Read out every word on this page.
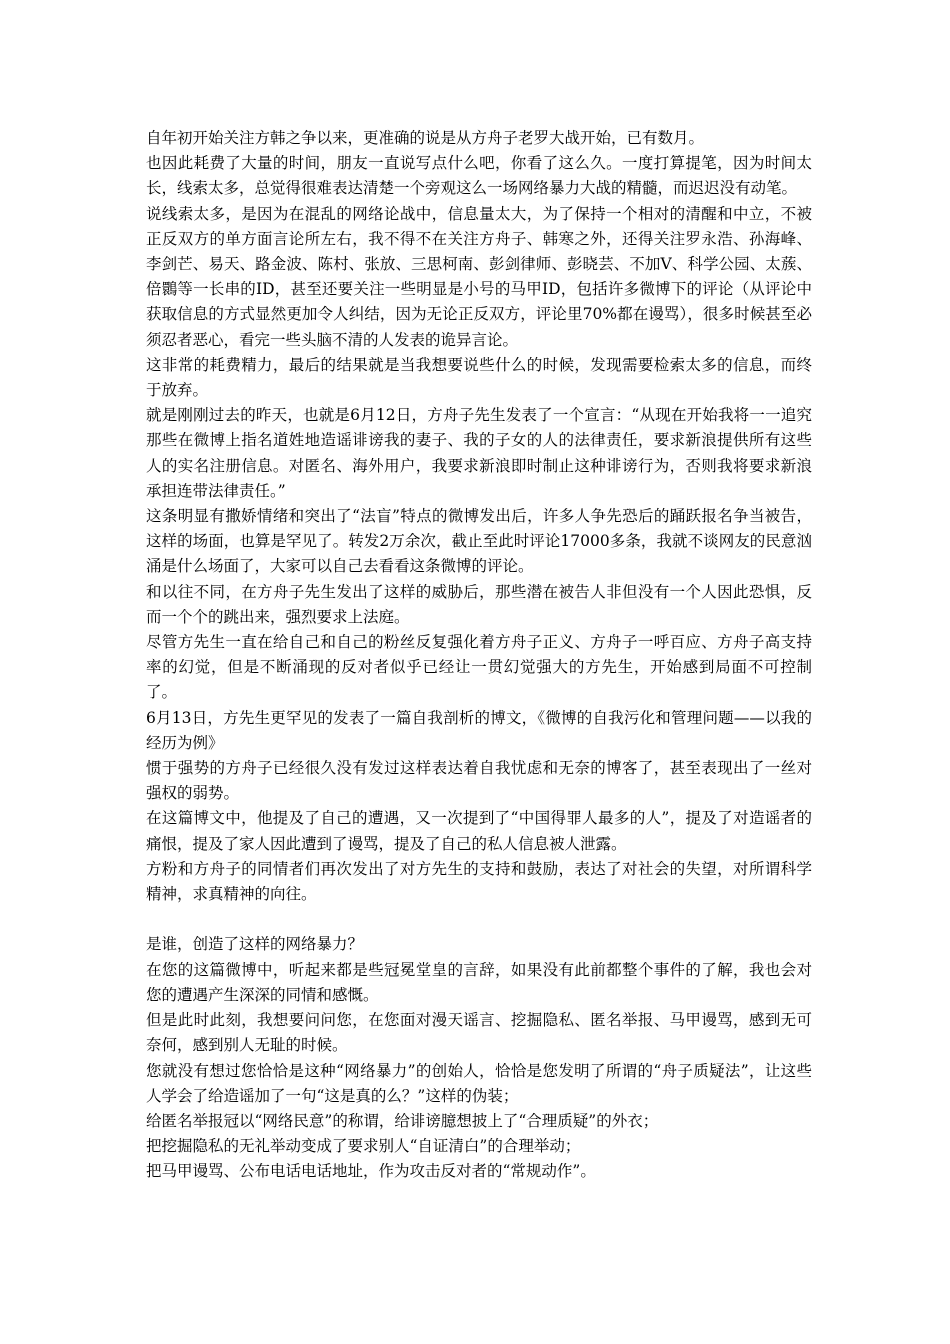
自年初开始关注方韩之争以来，更准确的说是从方舟子老罗大战开始，已有数月。

也因此耗费了大量的时间，朋友一直说写点什么吧，你看了这么久。一度打算提笔，因为时间太长，线索太多，总觉得很难表达清楚一个旁观这么一场网络暴力大战的精髓，而迟迟没有动笔。

说线索太多，是因为在混乱的网络论战中，信息量太大，为了保持一个相对的清醒和中立，不被正反双方的单方面言论所左右，我不得不在关注方舟子、韩寒之外，还得关注罗永浩、孙海峰、李剑芒、易天、路金波、陈村、张放、三思柯南、彭剑律师、彭晓芸、不加V、科学公园、太蔟、倍䴉等一长串的ID，甚至还要关注一些明显是小号的马甲ID，包括许多微博下的评论（从评论中获取信息的方式显然更加令人纠结，因为无论正反双方，评论里70%都在谩骂），很多时候甚至必须忍者恶心，看完一些头脑不清的人发表的诡异言论。

这非常的耗费精力，最后的结果就是当我想要说些什么的时候，发现需要检索太多的信息，而终于放弃。

就是刚刚过去的昨天，也就是6月12日，方舟子先生发表了一个宣言：“从现在开始我将一一追究那些在微博上指名道姓地造谣诽谤我的妻子、我的子女的人的法律责任，要求新浪提供所有这些人的实名注册信息。对匿名、海外用户，我要求新浪即时制止这种诽谤行为，否则我将要求新浪承担连带法律责任。”

这条明显有撒娇情绪和突出了“法盲”特点的微博发出后，许多人争先恐后的踊跃报名争当被告，这样的场面，也算是罕见了。转发2万余次，截止至此时评论17000多条，我就不谈网友的民意汹涌是什么场面了，大家可以自己去看看这条微博的评论。

和以往不同，在方舟子先生发出了这样的威胁后，那些潜在被告人非但没有一个人因此恐惧，反而一个个的跳出来，强烈要求上法庭。

尽管方先生一直在给自己和自己的粉丝反复强化着方舟子正义、方舟子一呼百应、方舟子高支持率的幻觉，但是不断涌现的反对者似乎已经让一贯幻觉强大的方先生，开始感到局面不可控制了。

6月13日，方先生更罕见的发表了一篇自我剖析的博文，《微博的自我污化和管理问题——以我的经历为例》

惯于强势的方舟子已经很久没有发过这样表达着自我忧虑和无奈的博客了，甚至表现出了一丝对强权的弱势。

在这篇博文中，他提及了自己的遭遇，又一次提到了“中国得罪人最多的人”，提及了对造谣者的痛恨，提及了家人因此遭到了谩骂，提及了自己的私人信息被人泄露。

方粉和方舟子的同情者们再次发出了对方先生的支持和鼓励，表达了对社会的失望，对所谓科学精神，求真精神的向往。

是谁，创造了这样的网络暴力？

在您的这篇微博中，听起来都是些冠冕堂皇的言辞，如果没有此前都整个事件的了解，我也会对您的遭遇产生深深的同情和感慨。

但是此时此刻，我想要问问您，在您面对漫天谣言、挖掘隐私、匿名举报、马甲谩骂，感到无可奈何，感到别人无耻的时候。

您就没有想过您恰恰是这种“网络暴力”的创始人，恰恰是您发明了所谓的“舟子质疑法”，让这些人学会了给造谣加了一句“这是真的么？”这样的伪装；

给匿名举报冠以“网络民意”的称谓，给诽谤臆想披上了“合理质疑”的外衣；

把挖掘隐私的无礼举动变成了要求别人“自证清白”的合理举动；

把马甲谩骂、公布电话电话地址，作为攻击反对者的“常规动作”。
